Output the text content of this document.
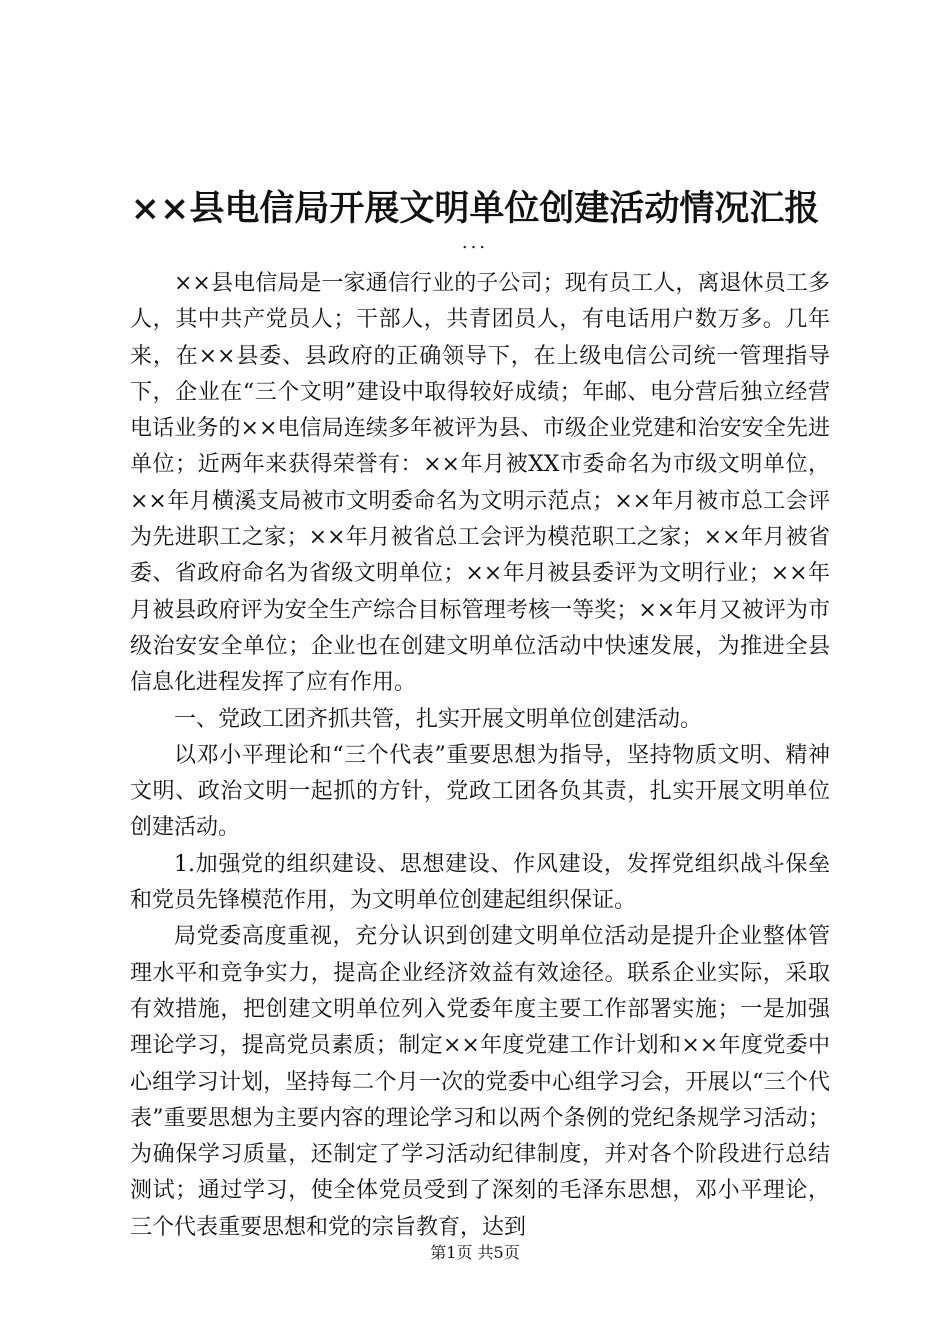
××县电信局开展文明单位创建活动情况汇报
...

××县电信局是一家通信行业的子公司；现有员工人，离退休员工多人，其中共产党员人；干部人，共青团员人，有电话用户数万多。几年来，在××县委、县政府的正确领导下，在上级电信公司统一管理指导下，企业在“三个文明”建设中取得较好成绩；年邮、电分营后独立经营电话业务的××电信局连续多年被评为县、市级企业党建和治安安全先进单位；近两年来获得荣誉有：××年月被XX市委命名为市级文明单位，××年月横溪支局被市文明委命名为文明示范点；××年月被市总工会评为先进职工之家；××年月被省总工会评为模范职工之家；××年月被省委、省政府命名为省级文明单位；××年月被县委评为文明行业；××年月被县政府评为安全生产综合目标管理考核一等奖；××年月又被评为市级治安安全单位；企业也在创建文明单位活动中快速发展，为推进全县信息化进程发挥了应有作用。

一、党政工团齐抓共管，扎实开展文明单位创建活动。

以邓小平理论和“三个代表”重要思想为指导，坚持物质文明、精神文明、政治文明一起抓的方针，党政工团各负其责，扎实开展文明单位创建活动。

1.加强党的组织建设、思想建设、作风建设，发挥党组织战斗保垒和党员先锋模范作用，为文明单位创建起组织保证。

局党委高度重视，充分认识到创建文明单位活动是提升企业整体管理水平和竞争实力，提高企业经济效益有效途径。联系企业实际，采取有效措施，把创建文明单位列入党委年度主要工作部署实施；一是加强理论学习，提高党员素质；制定××年度党建工作计划和××年度党委中心组学习计划，坚持每二个月一次的党委中心组学习会，开展以“三个代表”重要思想为主要内容的理论学习和以两个条例的党纪条规学习活动；为确保学习质量，还制定了学习活动纪律制度，并对各个阶段进行总结测试；通过学习，使全体党员受到了深刻的毛泽东思想，邓小平理论，三个代表重要思想和党的宗旨教育，达到

第1页 共5页
